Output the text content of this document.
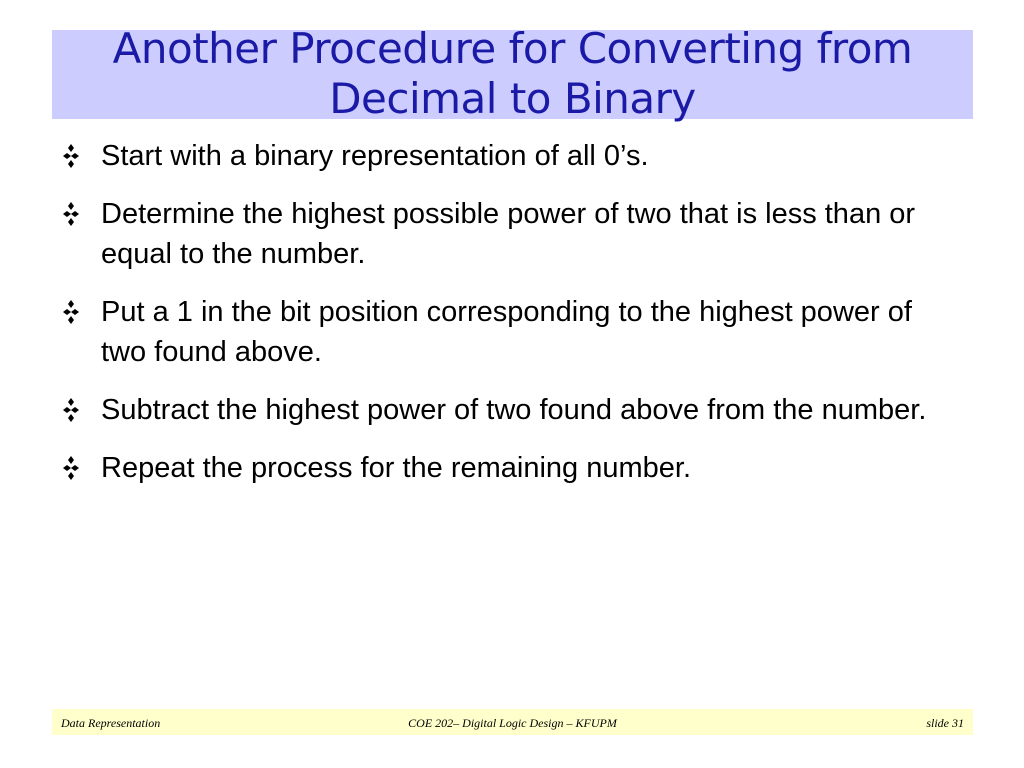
Another Procedure for Converting from Decimal to Binary
Start with a binary representation of all 0’s.
Determine the highest possible power of two that is less than or equal to the number.
Put a 1 in the bit position corresponding to the highest power of two found above.
Subtract the highest power of two found above from the number.
Repeat the process for the remaining number.
Data Representation	COE 202– Digital Logic Design – KFUPM	slide 31
